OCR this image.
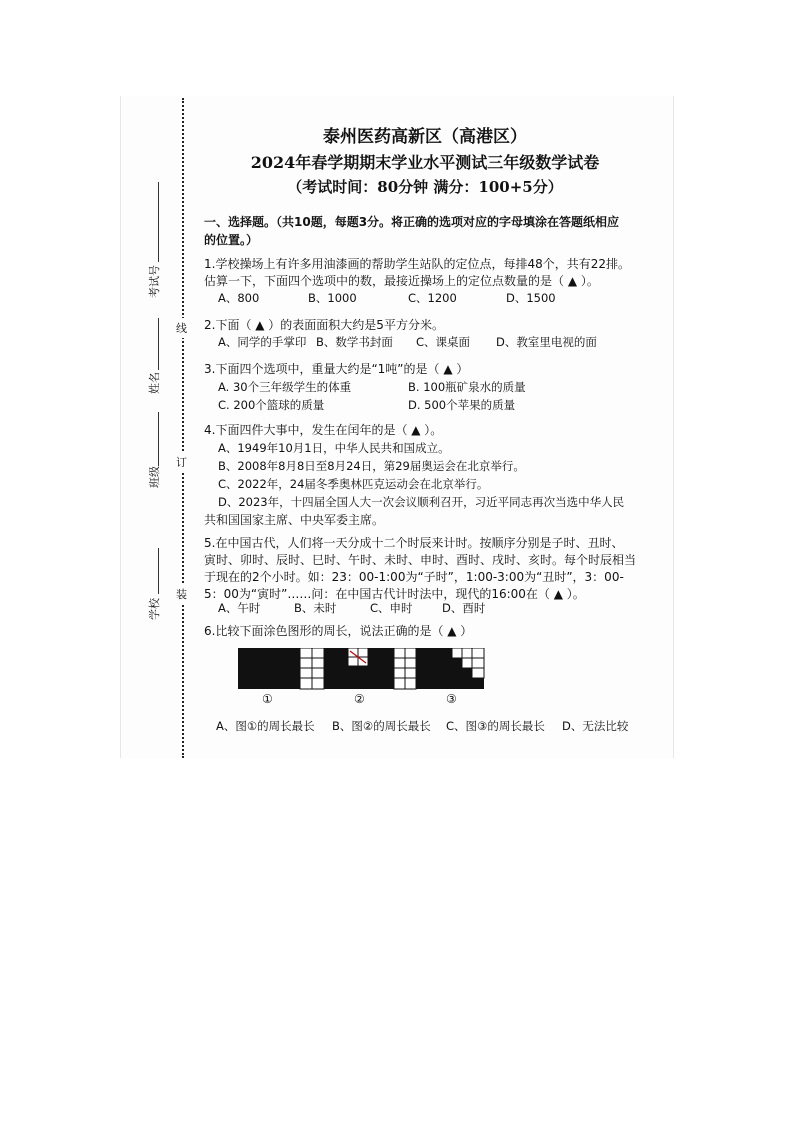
线
订
装
考试号
姓名
班级
学校
泰州医药高新区（高港区）
2024年春学期期末学业水平测试三年级数学试卷
（考试时间：80分钟 满分：100+5分）
一、选择题。（共10题，每题3分。将正确的选项对应的字母填涂在答题纸相应
的位置。）
1.学校操场上有许多用油漆画的帮助学生站队的定位点，每排48个，共有22排。
估算一下，下面四个选项中的数，最接近操场上的定位点数量的是（ ▲ ）。
A、800	B、1000	C、1200	D、1500
2.下面（ ▲ ）的表面面积大约是5平方分米。
A、同学的手掌印 B、数学书封面 C、课桌面 D、教室里电视的面
3.下面四个选项中，重量大约是“1吨”的是（ ▲ ）
A. 30个三年级学生的体重	B. 100瓶矿泉水的质量
C. 200个篮球的质量	D. 500个苹果的质量
4.下面四件大事中，发生在闰年的是（ ▲ ）。
A、1949年10月1日，中华人民共和国成立。
B、2008年8月8日至8月24日，第29届奥运会在北京举行。
C、2022年，24届冬季奥林匹克运动会在北京举行。
D、2023年，十四届全国人大一次会议顺利召开，习近平同志再次当选中华人民
共和国国家主席、中央军委主席。
5.在中国古代，人们将一天分成十二个时辰来计时。按顺序分别是子时、丑时、
寅时、卯时、辰时、巳时、午时、未时、申时、酉时、戌时、亥时。每个时辰相当
于现在的2个小时。如：23：00-1:00为“子时”，1:00-3:00为“丑时”，3：00-
5：00为“寅时”……问：在中国古代计时法中，现代的16:00在（ ▲ ）。
A、午时	B、未时	C、申时	D、酉时
6.比较下面涂色图形的周长，说法正确的是（ ▲ ）
①	②	③
A、图①的周长最长 B、图②的周长最长 C、图③的周长最长 D、无法比较
